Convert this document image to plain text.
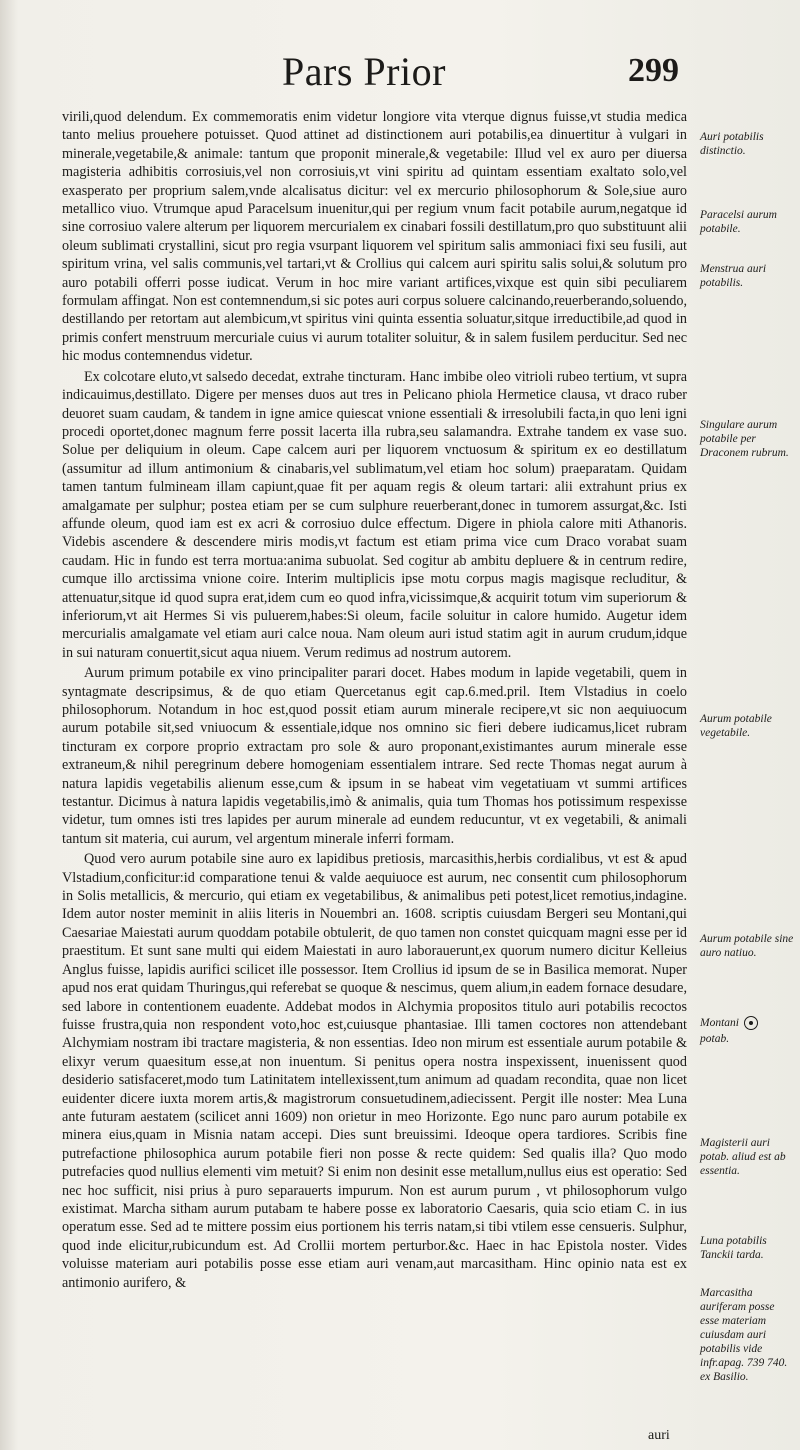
Pars Prior	299

virili,quod delendum. Ex commemoratis enim videtur longiore vita vterque dignus fuisse,vt studia medica tanto melius prouehere potuisset. Quod attinet ad distinctionem auri potabilis,ea dinuertitur à vulgari in minerale,vegetabile,& animale: tantum que proponit minerale,& vegetabile: Illud vel ex auro per diuersa magisteria adhibitis corrosiuis,vel non corrosiuis,vt vini spiritu ad quintam essentiam exaltato solo,vel exasperato per proprium salem,vnde alcalisatus dicitur: vel ex mercurio philosophorum & Sole,siue auro metallico viuo. Vtrumque apud Paracelsum inuenitur,qui per regium vnum facit potabile aurum,negatque id sine corrosiuo valere alterum per liquorem mercurialem ex cinabari fossili destillatum,pro quo substituunt alii oleum sublimati crystallini, sicut pro regia vsurpant liquorem vel spiritum salis ammoniaci fixi seu fusili, aut spiritum vrina, vel salis communis,vel tartari,vt & Crollius qui calcem auri spiritu salis solui,& solutum pro auro potabili offerri posse iudicat. Verum in hoc mire variant artifices,vixque est quin sibi peculiarem formulam affingat. Non est contemnendum,si sic potes auri corpus soluere calcinando,reuerberando,soluendo, destillando per retortam aut alembicum,vt spiritus vini quinta essentia soluatur,sitque irreductibile,ad quod in primis confert menstruum mercuriale cuius vi aurum totaliter soluitur, & in salem fusilem perducitur. Sed nec hic modus contemnendus videtur.

Ex colcotare eluto,vt salsedo decedat, extrahe tincturam. Hanc imbibe oleo vitrioli rubeo tertium, vt supra indicauimus,destillato. Digere per menses duos aut tres in Pelicano phiola Hermetice clausa, vt draco ruber deuoret suam caudam, & tandem in igne amice quiescat vnione essentiali & irresolubili facta,in quo leni igni procedi oportet,donec magnum ferre possit lacerta illa rubra,seu salamandra. Extrahe tandem ex vase suo. Solue per deliquium in oleum. Cape calcem auri per liquorem vnctuosum & spiritum ex eo destillatum (assumitur ad illum antimonium & cinabaris,vel sublimatum,vel etiam hoc solum) praeparatam. Quidam tamen tantum fulmineam illam capiunt,quae fit per aquam regis & oleum tartari: alii extrahunt prius ex amalgamate per sulphur; postea etiam per se cum sulphure reuerberant,donec in tumorem assurgat,&c. Isti affunde oleum, quod iam est ex acri & corrosiuo dulce effectum. Digere in phiola calore miti Athanoris. Videbis ascendere & descendere miris modis,vt factum est etiam prima vice cum Draco vorabat suam caudam. Hic in fundo est terra mortua:anima subuolat. Sed cogitur ab ambitu depluere & in centrum redire, cumque illo arctissima vnione coire. Interim multiplicis ipse motu corpus magis magisque recluditur, & attenuatur,sitque id quod supra erat,idem cum eo quod infra,vicissimque,& acquirit totum vim superiorum & inferiorum,vt ait Hermes Si vis puluerem,habes:Si oleum, facile soluitur in calore humido. Augetur idem mercurialis amalgamate vel etiam auri calce noua. Nam oleum auri istud statim agit in aurum crudum,idque in sui naturam conuertit,sicut aqua niuem. Verum redimus ad nostrum autorem.

Aurum primum potabile ex vino principaliter parari docet. Habes modum in lapide vegetabili, quem in syntagmate descripsimus, & de quo etiam Quercetanus egit cap.6.med.pril. Item Vlstadius in coelo philosophorum. Notandum in hoc est,quod possit etiam aurum minerale recipere,vt sic non aequiuocum aurum potabile sit,sed vniuocum & essentiale,idque nos omnino sic fieri debere iudicamus,licet rubram tincturam ex corpore proprio extractam pro sole & auro proponant,existimantes aurum minerale esse extraneum,& nihil peregrinum debere homogeniam essentialem intrare. Sed recte Thomas negat aurum à natura lapidis vegetabilis alienum esse,cum & ipsum in se habeat vim vegetatiuam vt summi artifices testantur. Dicimus à natura lapidis vegetabilis,imò & animalis, quia tum Thomas hos potissimum respexisse videtur, tum omnes isti tres lapides per aurum minerale ad eundem reducuntur, vt ex vegetabili, & animali tantum sit materia, cui aurum, vel argentum minerale inferri formam.

Quod vero aurum potabile sine auro ex lapidibus pretiosis, marcasithis,herbis cordialibus, vt est & apud Vlstadium,conficitur:id comparatione tenui & valde aequiuoce est aurum, nec consentit cum philosophorum in Solis metallicis, & mercurio, qui etiam ex vegetabilibus, & animalibus peti potest,licet remotius,indagine. Idem autor noster meminit in aliis literis in Nouembri an. 1608. scriptis cuiusdam Bergeri seu Montani,qui Caesariae Maiestati aurum quoddam potabile obtulerit, de quo tamen non constet quicquam magni esse per id praestitum. Et sunt sane multi qui eidem Maiestati in auro laborauerunt,ex quorum numero dicitur Kelleius Anglus fuisse, lapidis aurifici scilicet ille possessor. Item Crollius id ipsum de se in Basilica memorat. Nuper apud nos erat quidam Thuringus,qui referebat se quoque & nescimus, quem alium,in eadem fornace desudare, sed labore in contentionem euadente. Addebat modos in Alchymia propositos titulo auri potabilis recoctos fuisse frustra,quia non respondent voto,hoc est,cuiusque phantasiae. Illi tamen coctores non attendebant Alchymiam nostram ibi tractare magisteria, & non essentias. Ideo non mirum est essentiale aurum potabile & elixyr verum quaesitum esse,at non inuentum. Si penitus opera nostra inspexissent, inuenissent quod desiderio satisfaceret,modo tum Latinitatem intellexissent,tum animum ad quadam recondita, quae non licet euidenter dicere iuxta morem artis,& magistrorum consuetudinem,adiecissent. Pergit ille noster: Mea Luna ante futuram aestatem (scilicet anni 1609) non orietur in meo Horizonte. Ego nunc paro aurum potabile ex minera eius,quam in Misnia natam accepi. Dies sunt breuissimi. Ideoque opera tardiores. Scribis fine putrefactione philosophica aurum potabile fieri non posse & recte quidem: Sed qualis illa? Quo modo putrefacies quod nullius elementi vim metuit? Si enim non desinit esse metallum,nullus eius est operatio: Sed nec hoc sufficit, nisi prius à puro separauerts impurum. Non est aurum purum , vt philosophorum vulgo existimat. Marcha sitham aurum putabam te habere posse ex laboratorio Caesaris, quia scio etiam C. in ius operatum esse. Sed ad te mittere possim eius portionem his terris natam,si tibi vtilem esse censueris. Sulphur, quod inde elicitur,rubicundum est. Ad Crollii mortem perturbor.&c. Haec in hac Epistola noster. Vides voluisse materiam auri potabilis posse esse etiam auri venam,aut marcasitham. Hinc opinio nata est ex antimonio aurifero, &

Auri potabilis distinctio.
Paracelsi aurum potabile.
Menstrua auri potabilis.
Singulare aurum potabile per Draconem rubrum.
Aurum potabile vegetabile.
Aurum potabile sine auro natiuo.
Montani
potab.
Magisterii auri potab. aliud est ab essentia.
Luna potabilis Tanckii tarda.
Marcasitha auriferam posse esse materiam cuiusdam auri potabilis vide infr.apag. 739 740. ex Basilio.
auri
